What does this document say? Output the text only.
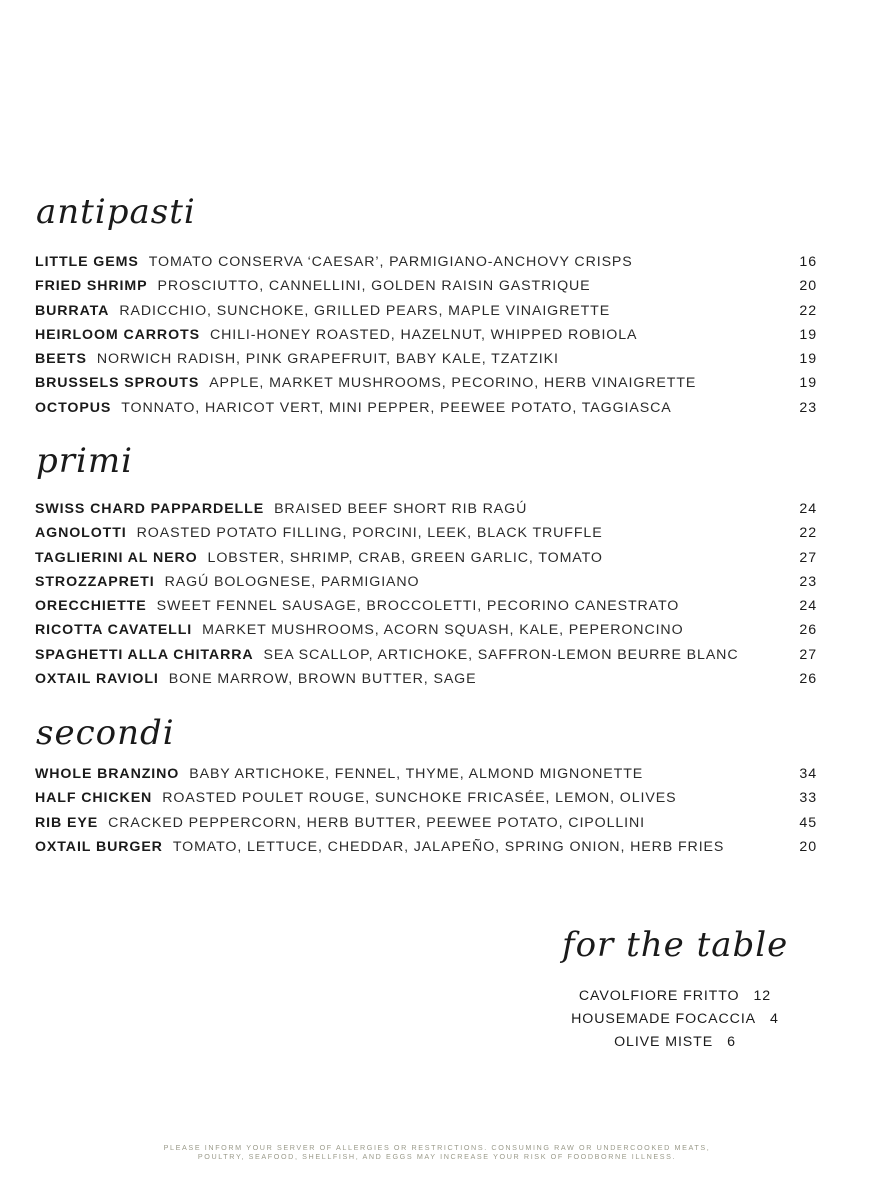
antipasti
LITTLE GEMS TOMATO CONSERVA ‘CAESAR’, PARMIGIANO-ANCHOVY CRISPS	16
FRIED SHRIMP PROSCIUTTO, CANNELLINI, GOLDEN RAISIN GASTRIQUE	20
BURRATA RADICCHIO, SUNCHOKE, GRILLED PEARS, MAPLE VINAIGRETTE	22
HEIRLOOM CARROTS CHILI-HONEY ROASTED, HAZELNUT, WHIPPED ROBIOLA	19
BEETS NORWICH RADISH, PINK GRAPEFRUIT, BABY KALE, TZATZIKI	19
BRUSSELS SPROUTS APPLE, MARKET MUSHROOMS, PECORINO, HERB VINAIGRETTE	19
OCTOPUS TONNATO, HARICOT VERT, MINI PEPPER, PEEWEE POTATO, TAGGIASCA	23
primi
SWISS CHARD PAPPARDELLE BRAISED BEEF SHORT RIB RAGÚ	24
AGNOLOTTI ROASTED POTATO FILLING, PORCINI, LEEK, BLACK TRUFFLE	22
TAGLIERINI AL NERO LOBSTER, SHRIMP, CRAB, GREEN GARLIC, TOMATO	27
STROZZAPRETI RAGÚ BOLOGNESE, PARMIGIANO	23
ORECCHIETTE SWEET FENNEL SAUSAGE, BROCCOLETTI, PECORINO CANESTRATO	24
RICOTTA CAVATELLI MARKET MUSHROOMS, ACORN SQUASH, KALE, PEPERONCINO	26
SPAGHETTI ALLA CHITARRA SEA SCALLOP, ARTICHOKE, SAFFRON-LEMON BEURRE BLANC	27
OXTAIL RAVIOLI BONE MARROW, BROWN BUTTER, SAGE	26
secondi
WHOLE BRANZINO BABY ARTICHOKE, FENNEL, THYME, ALMOND MIGNONETTE	34
HALF CHICKEN ROASTED POULET ROUGE, SUNCHOKE FRICASÉE, LEMON, OLIVES	33
RIB EYE CRACKED PEPPERCORN, HERB BUTTER, PEEWEE POTATO, CIPOLLINI	45
OXTAIL BURGER TOMATO, LETTUCE, CHEDDAR, JALAPEÑO, SPRING ONION, HERB FRIES	20
for the table
CAVOLFIORE FRITTO 12
HOUSEMADE FOCACCIA 4
OLIVE MISTE 6
PLEASE INFORM YOUR SERVER OF ALLERGIES OR RESTRICTIONS. CONSUMING RAW OR UNDERCOOKED MEATS,
POULTRY, SEAFOOD, SHELLFISH, AND EGGS MAY INCREASE YOUR RISK OF FOODBORNE ILLNESS.
